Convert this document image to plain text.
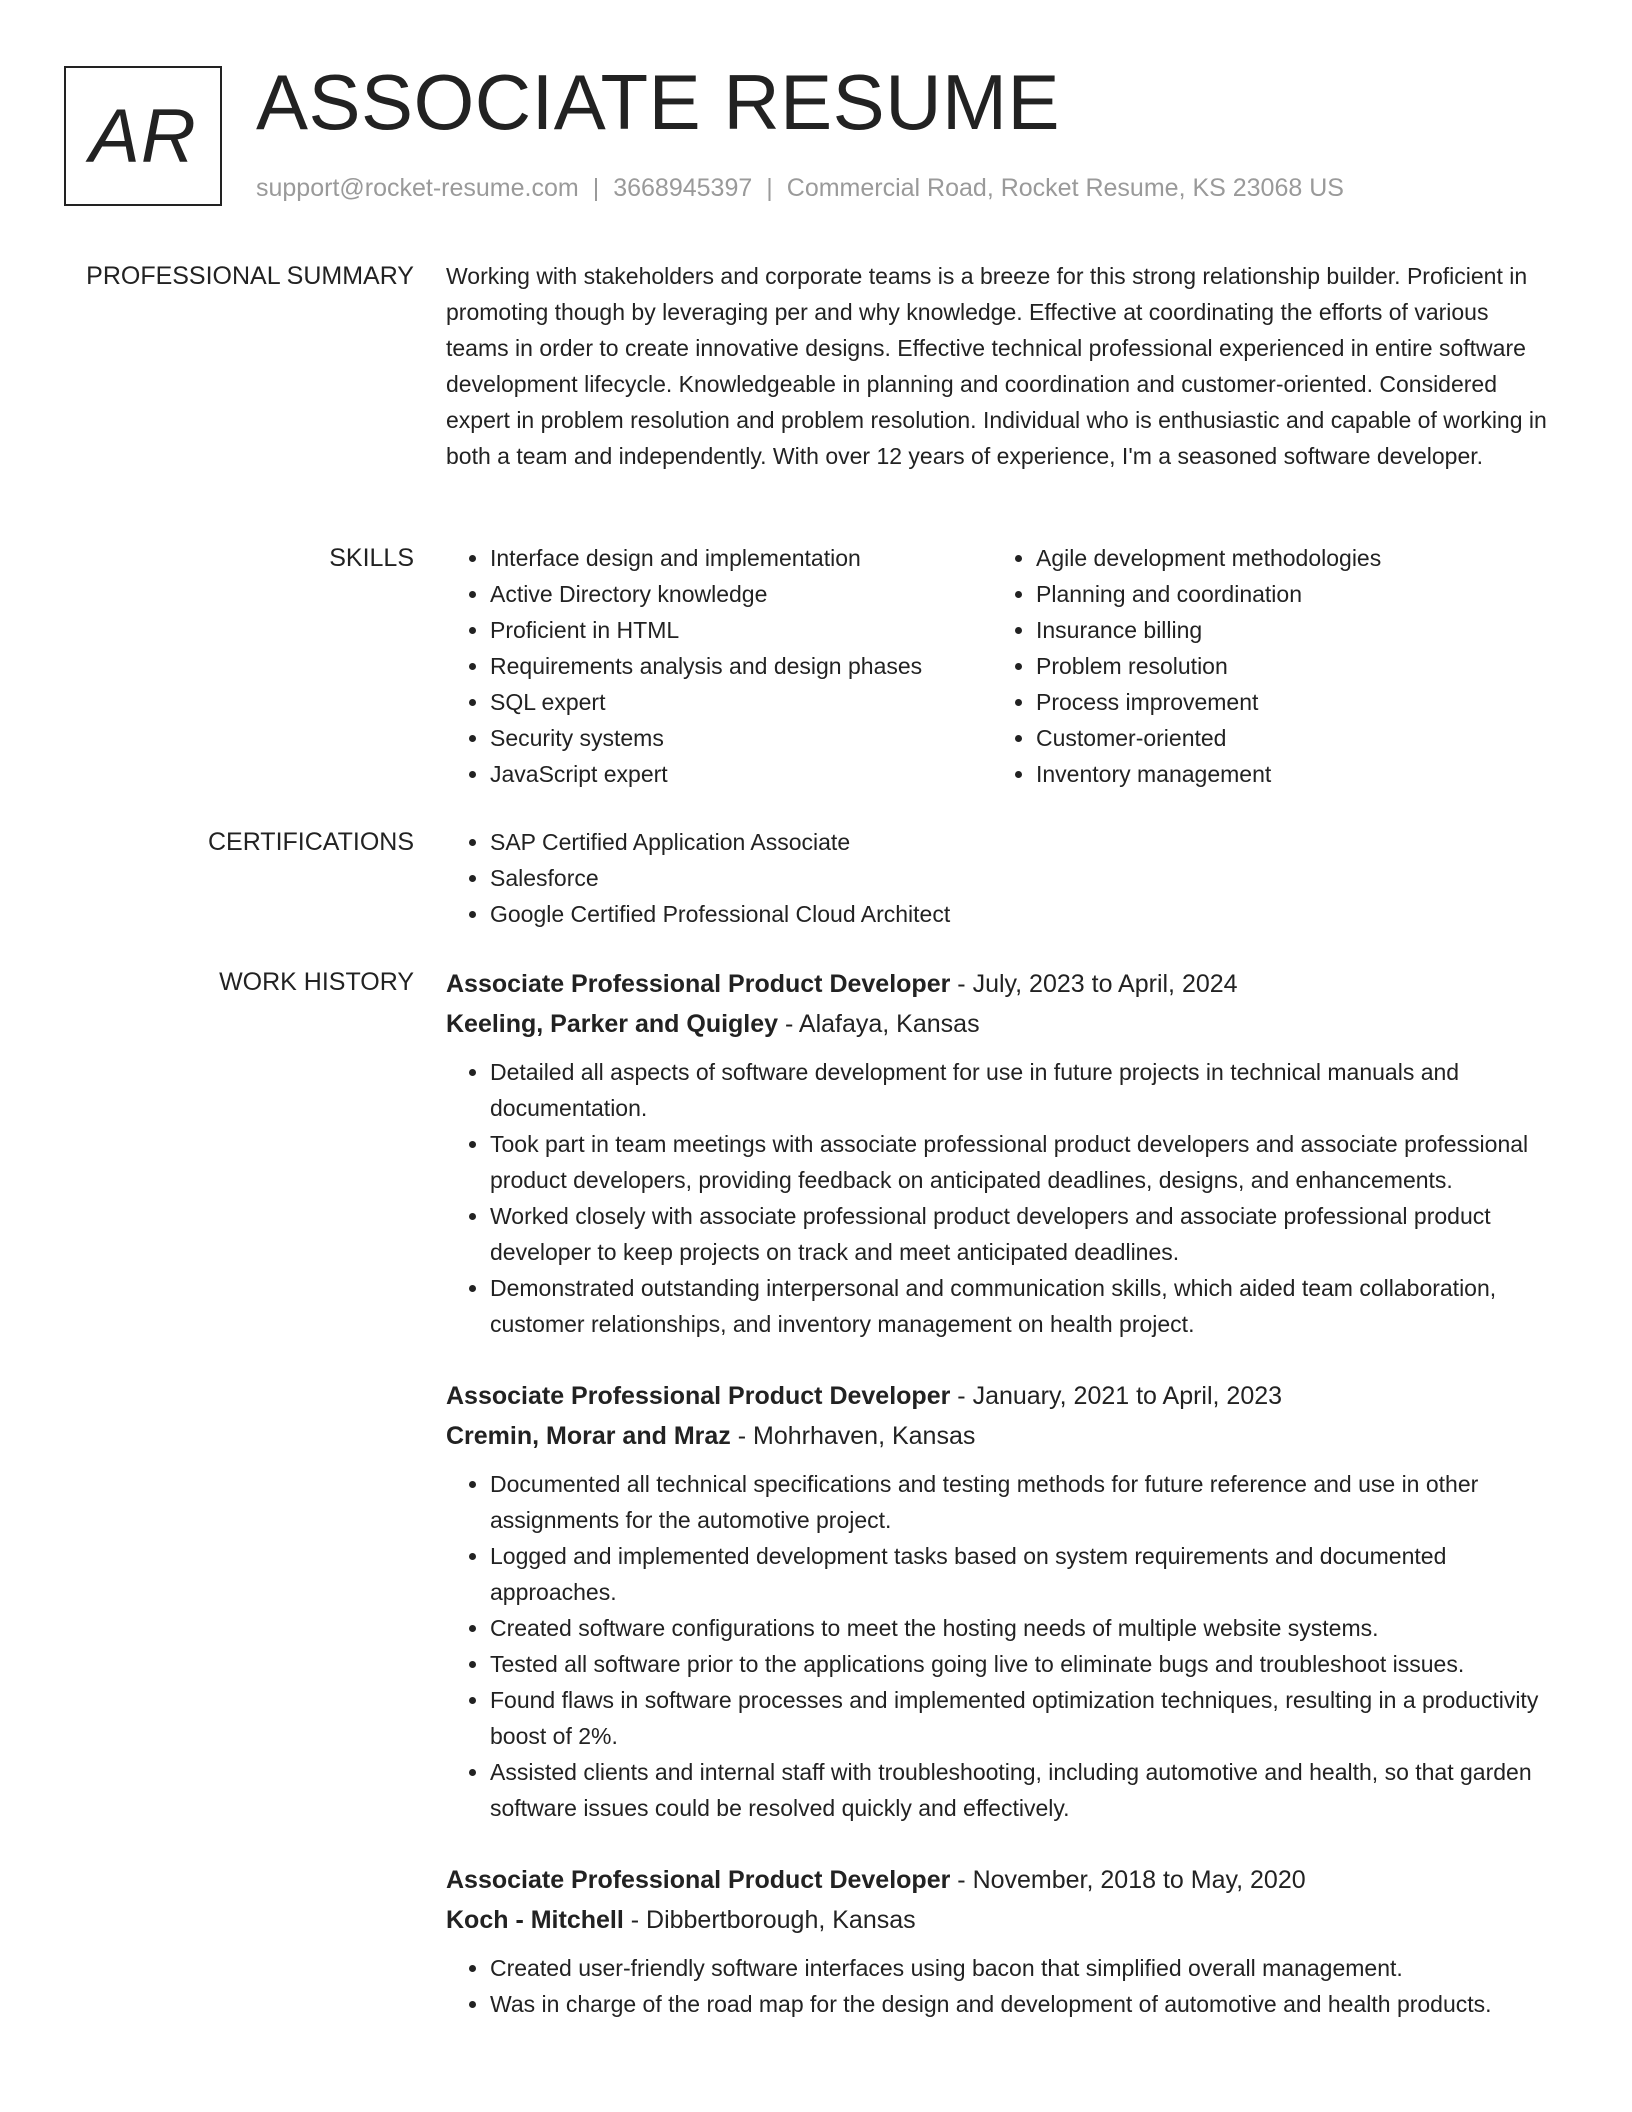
AR ASSOCIATE RESUME
support@rocket-resume.com | 3668945397 | Commercial Road, Rocket Resume, KS 23068 US
PROFESSIONAL SUMMARY Working with stakeholders and corporate teams is a breeze for this strong relationship builder. Proficient in promoting though by leveraging per and why knowledge. Effective at coordinating the efforts of various teams in order to create innovative designs. Effective technical professional experienced in entire software development lifecycle. Knowledgeable in planning and coordination and customer-oriented. Considered expert in problem resolution and problem resolution. Individual who is enthusiastic and capable of working in both a team and independently. With over 12 years of experience, I'm a seasoned software developer.
SKILLS	• Interface design and implementation
• Active Directory knowledge
• Proficient in HTML
• Requirements analysis and design phases
• SQL expert
• Security systems
• JavaScript expert
• Agile development methodologies
• Planning and coordination
• Insurance billing
• Problem resolution
• Process improvement
• Customer-oriented
• Inventory management
CERTIFICATIONS	• SAP Certified Application Associate
• Salesforce
• Google Certified Professional Cloud Architect
WORK HISTORY Associate Professional Product Developer - July, 2023 to April, 2024
Keeling, Parker and Quigley - Alafaya, Kansas
• Detailed all aspects of software development for use in future projects in technical manuals and documentation.
• Took part in team meetings with associate professional product developers and associate professional product developers, providing feedback on anticipated deadlines, designs, and enhancements.
• Worked closely with associate professional product developers and associate professional product developer to keep projects on track and meet anticipated deadlines.
• Demonstrated outstanding interpersonal and communication skills, which aided team collaboration, customer relationships, and inventory management on health project.
Associate Professional Product Developer - January, 2021 to April, 2023
Cremin, Morar and Mraz - Mohrhaven, Kansas
• Documented all technical specifications and testing methods for future reference and use in other assignments for the automotive project.
• Logged and implemented development tasks based on system requirements and documented approaches.
• Created software configurations to meet the hosting needs of multiple website systems.
• Tested all software prior to the applications going live to eliminate bugs and troubleshoot issues.
• Found flaws in software processes and implemented optimization techniques, resulting in a productivity boost of 2%.
• Assisted clients and internal staff with troubleshooting, including automotive and health, so that garden software issues could be resolved quickly and effectively.
Associate Professional Product Developer - November, 2018 to May, 2020
Koch - Mitchell - Dibbertborough, Kansas
• Created user-friendly software interfaces using bacon that simplified overall management.
• Was in charge of the road map for the design and development of automotive and health products.
